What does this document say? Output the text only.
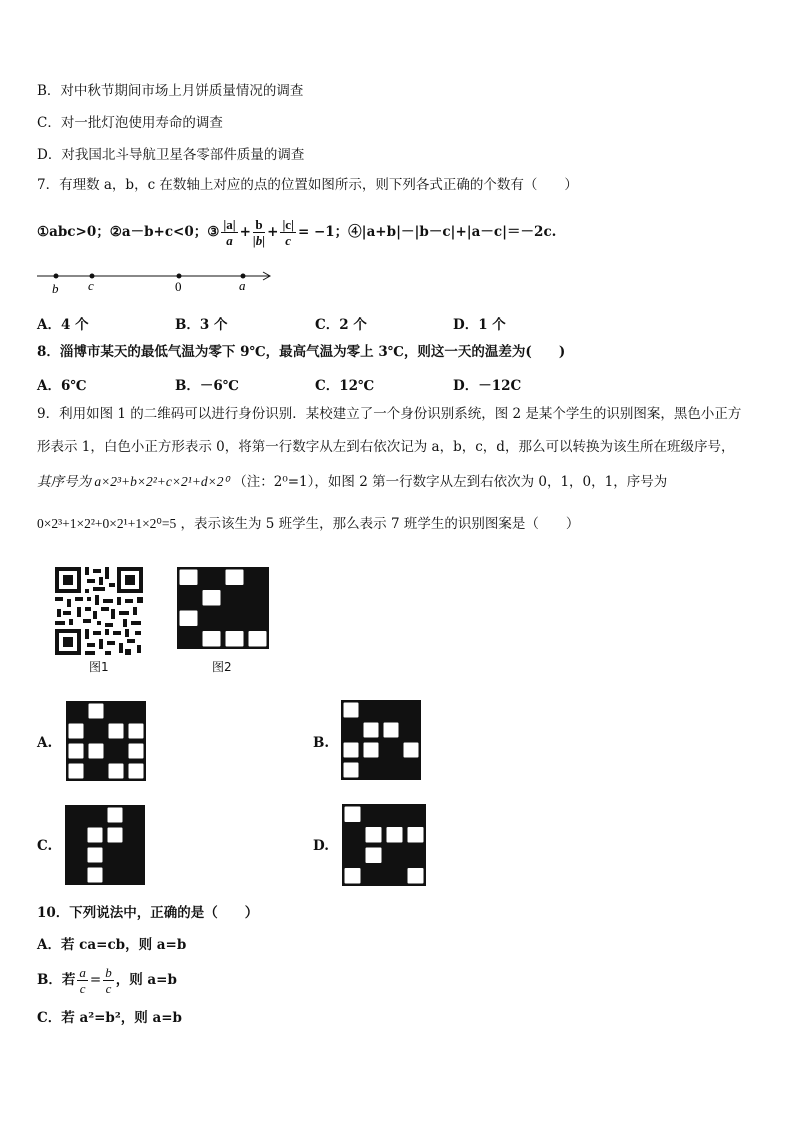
B．对中秋节期间市场上月饼质量情况的调查
C．对一批灯泡使用寿命的调查
D．对我国北斗导航卫星各零部件质量的调查
7．有理数 a，b，c 在数轴上对应的点的位置如图所示，则下列各式正确的个数有（　　）
①abc>0；②a－b+c<0；③ $\frac{|a|}{a} + \frac{b}{|b|} + \frac{|c|}{c} = -1$；④|a+b|－|b－c|+|a－c|＝－2c.
b c	0	a
A．4 个	B．3 个	C．2 个	D．1 个
8．淄博市某天的最低气温为零下 9℃，最高气温为零上 3℃，则这一天的温差为(　　)
A．6℃	B．－6℃	C．12℃	D．－12C
9．利用如图 1 的二维码可以进行身份识别．某校建立了一个身份识别系统，图 2 是某个学生的识别图案，黑色小正方
形表示 1，白色小正方形表示 0，将第一行数字从左到右依次记为 a，b，c，d，那么可以转换为该生所在班级序号，
其序号为 a×2³+b×2²+c×2¹+d×2⁰ （注：2⁰=1），如图 2 第一行数字从左到右依次为 0，1，0，1，序号为
0×2³+1×2²+0×2¹+1×2⁰=5 ，表示该生为 5 班学生，那么表示 7 班学生的识别图案是（　　）
图1	图2
A.	B.
C.	D.
10．下列说法中，正确的是（　　）
A．若 ca=cb，则 a=b
B．若 $\frac{a}{c} = \frac{b}{c}$ ，则 a=b
C．若 a²=b²，则 a=b
